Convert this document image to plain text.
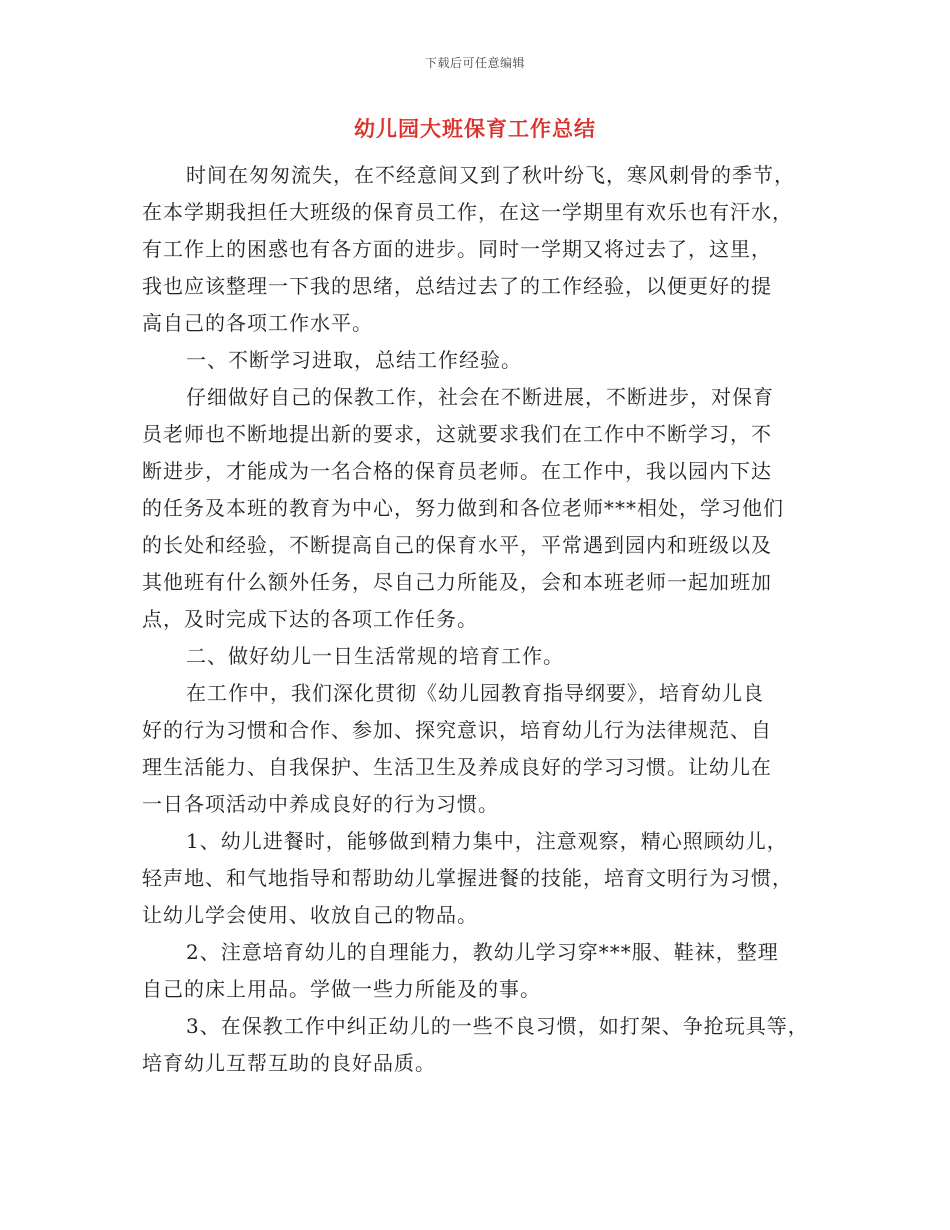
下载后可任意编辑
幼儿园大班保育工作总结
时间在匆匆流失，在不经意间又到了秋叶纷飞，寒风刺骨的季节，
在本学期我担任大班级的保育员工作，在这一学期里有欢乐也有汗水，
有工作上的困惑也有各方面的进步。同时一学期又将过去了，这里，
我也应该整理一下我的思绪，总结过去了的工作经验，以便更好的提
高自己的各项工作水平。
一、不断学习进取，总结工作经验。
仔细做好自己的保教工作，社会在不断进展，不断进步，对保育
员老师也不断地提出新的要求，这就要求我们在工作中不断学习，不
断进步，才能成为一名合格的保育员老师。在工作中，我以园内下达
的任务及本班的教育为中心，努力做到和各位老师***相处，学习他们
的长处和经验，不断提高自己的保育水平，平常遇到园内和班级以及
其他班有什么额外任务，尽自己力所能及，会和本班老师一起加班加
点，及时完成下达的各项工作任务。
二、做好幼儿一日生活常规的培育工作。
在工作中，我们深化贯彻《幼儿园教育指导纲要》，培育幼儿良
好的行为习惯和合作、参加、探究意识，培育幼儿行为法律规范、自
理生活能力、自我保护、生活卫生及养成良好的学习习惯。让幼儿在
一日各项活动中养成良好的行为习惯。
1、幼儿进餐时，能够做到精力集中，注意观察，精心照顾幼儿，
轻声地、和气地指导和帮助幼儿掌握进餐的技能，培育文明行为习惯，
让幼儿学会使用、收放自己的物品。
2、注意培育幼儿的自理能力，教幼儿学习穿***服、鞋袜，整理
自己的床上用品。学做一些力所能及的事。
3、在保教工作中纠正幼儿的一些不良习惯，如打架、争抢玩具等，
培育幼儿互帮互助的良好品质。
